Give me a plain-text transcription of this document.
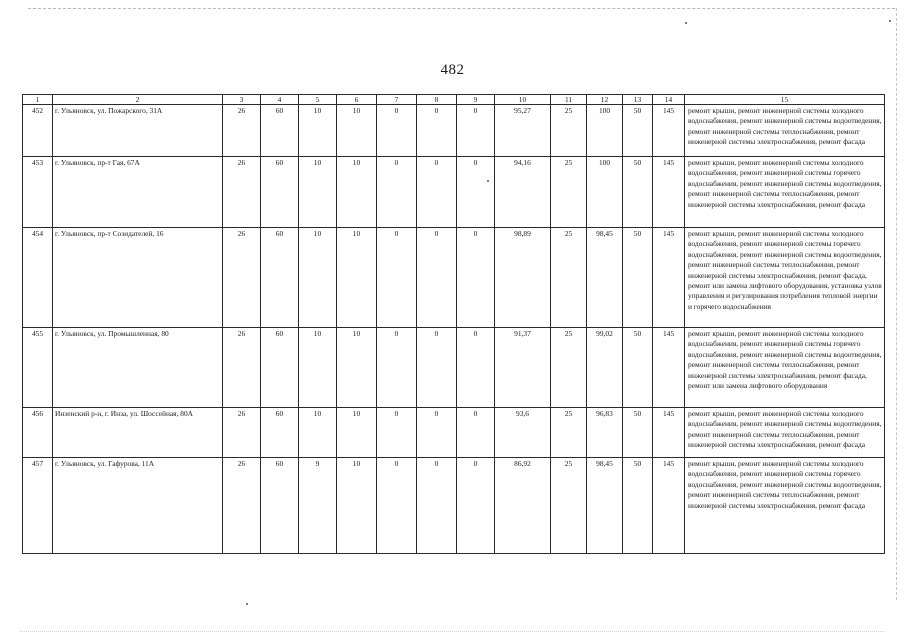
482
1	2	3	4	5	6	7	8	9	10	11	12	13	14	15
452	г. Ульяновск, ул. Пожарского, 31А	26	60	10	10	0	0	0	95,27	25	100	50	145	ремонт крыши, ремонт инженерной системы холодного водоснабжения, ремонт инженерной системы водоотведения, ремонт инженерной системы теплоснабжения, ремонт инженерной системы электроснабжения, ремонт фасада
453	г. Ульяновск, пр-т Гая, 67А	26	60	10	10	0	0	0	94,16	25	100	50	145	ремонт крыши, ремонт инженерной системы холодного водоснабжения, ремонт инженерной системы горячего водоснабжения, ремонт инженерной системы водоотведения, ремонт инженерной системы теплоснабжения, ремонт инженерной системы электроснабжения, ремонт фасада
454	г. Ульяновск, пр-т Созидателей, 16	26	60	10	10	0	0	0	98,89	25	98,45	50	145	ремонт крыши, ремонт инженерной системы холодного водоснабжения, ремонт инженерной системы горячего водоснабжения, ремонт инженерной системы водоотведения, ремонт инженерной системы теплоснабжения, ремонт инженерной системы электроснабжения, ремонт фасада, ремонт или замена лифтового оборудования, установка узлов управления и регулирования потребления тепловой энергии и горячего водоснабжения
455	г. Ульяновск, ул. Промышленная, 80	26	60	10	10	0	0	0	91,37	25	99,02	50	145	ремонт крыши, ремонт инженерной системы холодного водоснабжения, ремонт инженерной системы горячего водоснабжения, ремонт инженерной системы водоотведения, ремонт инженерной системы теплоснабжения, ремонт инженерной системы электроснабжения, ремонт фасада, ремонт или замена лифтового оборудования
456	Инзенский р-н, г. Инза, ул. Шоссейная, 80А	26	60	10	10	0	0	0	93,6	25	96,83	50	145	ремонт крыши, ремонт инженерной системы холодного водоснабжения, ремонт инженерной системы водоотведения, ремонт инженерной системы теплоснабжения, ремонт инженерной системы электроснабжения, ремонт фасада
457	г. Ульяновск, ул. Гафурова, 11А	26	60	9	10	0	0	0	86,92	25	98,45	50	145	ремонт крыши, ремонт инженерной системы холодного водоснабжения, ремонт инженерной системы горячего водоснабжения, ремонт инженерной системы водоотведения, ремонт инженерной системы теплоснабжения, ремонт инженерной системы электроснабжения, ремонт фасада
